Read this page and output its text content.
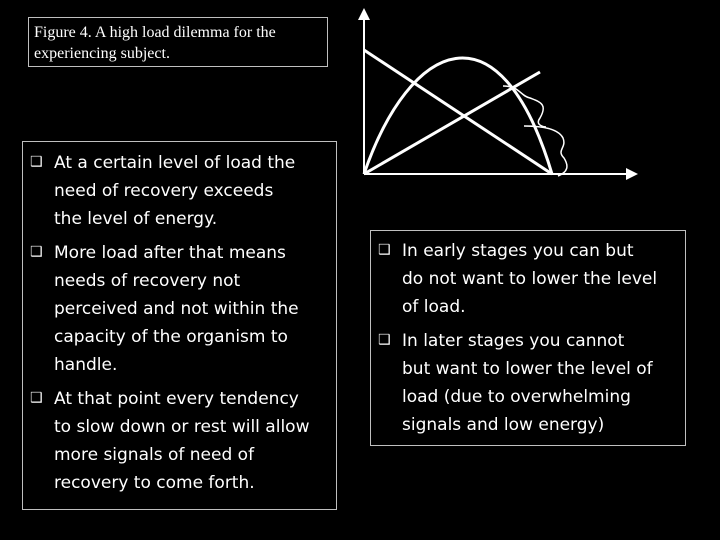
Figure 4. A high load dilemma for the
experiencing subject.
❑ At a certain level of load the
need of recovery exceeds
the level of energy.
❑ More load after that means
needs of recovery not
perceived and not within the
capacity of the organism to
handle.
❑ At that point every tendency
to slow down or rest will allow
more signals of need of
recovery to come forth.
❑ In early stages you can but
do not want to lower the level
of load.
❑ In later stages you cannot
but want to lower the level of
load (due to overwhelming
signals and low energy)
